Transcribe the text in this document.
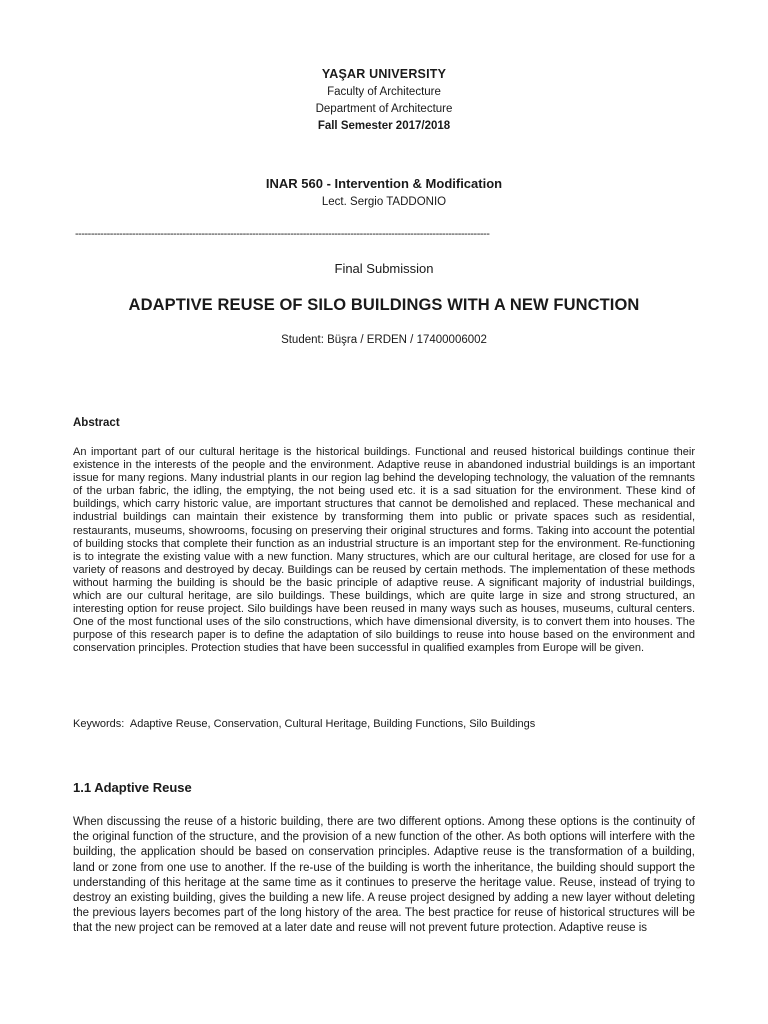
YAŞAR UNIVERSITY
Faculty of Architecture
Department of Architecture
Fall Semester 2017/2018
INAR 560 - Intervention & Modification
Lect. Sergio TADDONIO
-----------------------------------------------------------------------------------------------------------------------------------
Final Submission
ADAPTIVE REUSE OF SILO BUILDINGS WITH A NEW FUNCTION
Student: Büşra / ERDEN / 17400006002
Abstract
An important part of our cultural heritage is the historical buildings. Functional and reused historical buildings continue their existence in the interests of the people and the environment. Adaptive reuse in abandoned industrial buildings is an important issue for many regions. Many industrial plants in our region lag behind the developing technology, the valuation of the remnants of the urban fabric, the idling, the emptying, the not being used etc. it is a sad situation for the environment. These kind of buildings, which carry historic value, are important structures that cannot be demolished and replaced. These mechanical and industrial buildings can maintain their existence by transforming them into public or private spaces such as residential, restaurants, museums, showrooms, focusing on preserving their original structures and forms. Taking into account the potential of building stocks that complete their function as an industrial structure is an important step for the environment. Re-functioning is to integrate the existing value with a new function. Many structures, which are our cultural heritage, are closed for use for a variety of reasons and destroyed by decay. Buildings can be reused by certain methods. The implementation of these methods without harming the building is should be the basic principle of adaptive reuse. A significant majority of industrial buildings, which are our cultural heritage, are silo buildings. These buildings, which are quite large in size and strong structured, an interesting option for reuse project. Silo buildings have been reused in many ways such as houses, museums, cultural centers. One of the most functional uses of the silo constructions, which have dimensional diversity, is to convert them into houses. The purpose of this research paper is to define the adaptation of silo buildings to reuse into house based on the environment and conservation principles. Protection studies that have been successful in qualified examples from Europe will be given.
Keywords:  Adaptive Reuse, Conservation, Cultural Heritage, Building Functions, Silo Buildings
1.1 Adaptive Reuse
When discussing the reuse of a historic building, there are two different options. Among these options is the continuity of the original function of the structure, and the provision of a new function of the other. As both options will interfere with the building, the application should be based on conservation principles. Adaptive reuse is the transformation of a building, land or zone from one use to another. If the re-use of the building is worth the inheritance, the building should support the understanding of this heritage at the same time as it continues to preserve the heritage value. Reuse, instead of trying to destroy an existing building, gives the building a new life. A reuse project designed by adding a new layer without deleting the previous layers becomes part of the long history of the area. The best practice for reuse of historical structures will be that the new project can be removed at a later date and reuse will not prevent future protection. Adaptive reuse is
